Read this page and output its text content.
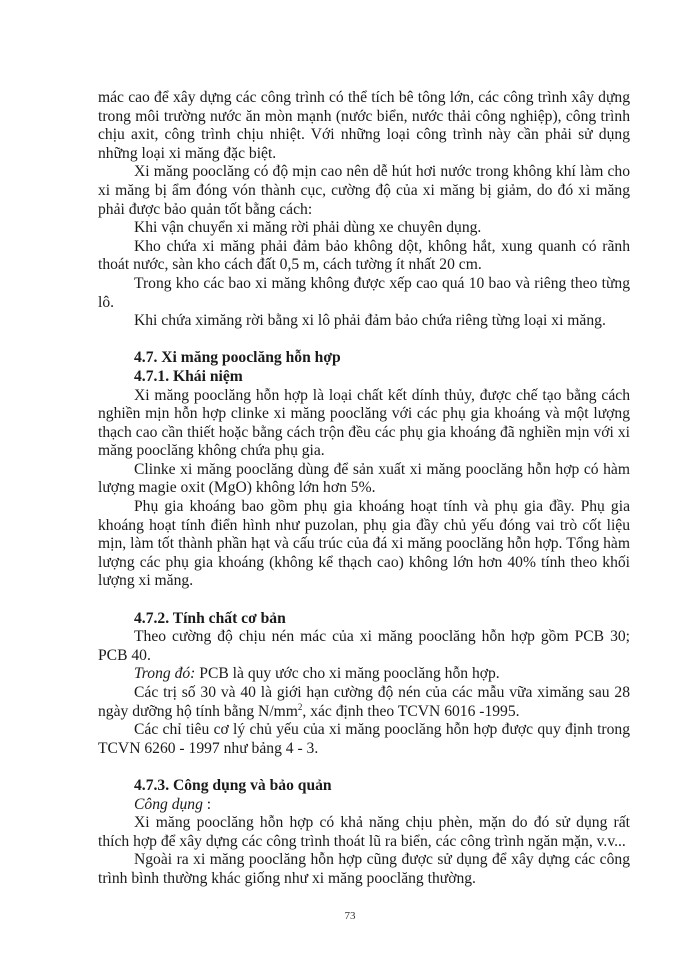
mác cao để xây dựng các công trình có thể tích bê tông lớn, các công trình xây dựng trong môi trường nước ăn mòn mạnh (nước biển, nước thải công nghiệp), công trình chịu axit, công trình chịu nhiệt. Với những loại công trình này cần phải sử dụng những loại xi măng đặc biệt.

Xi măng pooclăng có độ mịn cao nên dễ hút hơi nước trong không khí làm cho xi măng bị ẩm đóng vón thành cục, cường độ của xi măng bị giảm, do đó xi măng phải được bảo quản tốt bằng cách:

Khi vận chuyển xi măng rời phải dùng xe chuyên dụng.

Kho chứa xi măng phải đảm bảo không dột, không hắt, xung quanh có rãnh thoát nước, sàn kho cách đất 0,5 m, cách tường ít nhất 20 cm.

Trong kho các bao xi măng không được xếp cao quá 10 bao và riêng theo từng lô.

Khi chứa ximăng rời bằng xi lô phải đảm bảo chứa riêng từng loại xi măng.

4.7. Xi măng pooclăng hỗn hợp

4.7.1. Khái niệm

Xi măng pooclăng hỗn hợp là loại chất kết dính thủy, được chế tạo bằng cách nghiền mịn hỗn hợp clinke xi măng pooclăng với các phụ gia khoáng và một lượng thạch cao cần thiết hoặc bằng cách trộn đều các phụ gia khoáng đã nghiền mịn với xi măng pooclăng không chứa phụ gia.

Clinke xi măng pooclăng dùng để sản xuất xi măng pooclăng hỗn hợp có hàm lượng magie oxit (MgO) không lớn hơn 5%.

Phụ gia khoáng bao gồm phụ gia khoáng hoạt tính và phụ gia đầy. Phụ gia khoáng hoạt tính điển hình như puzolan, phụ gia đầy chủ yếu đóng vai trò cốt liệu mịn, làm tốt thành phần hạt và cấu trúc của đá xi măng pooclăng hỗn hợp. Tổng hàm lượng các phụ gia khoáng (không kể thạch cao) không lớn hơn 40% tính theo khối lượng xi măng.

4.7.2. Tính chất cơ bản

Theo cường độ chịu nén mác của xi măng pooclăng hỗn hợp gồm PCB 30; PCB 40.

Trong đó: PCB là quy ước cho xi măng pooclăng hỗn hợp.

Các trị số 30 và 40 là giới hạn cường độ nén của các mẫu vữa ximăng sau 28 ngày dưỡng hộ tính bằng $N/mm^2$, xác định theo TCVN 6016 -1995.

Các chỉ tiêu cơ lý chủ yếu của xi măng pooclăng hỗn hợp được quy định trong TCVN 6260 - 1997 như bảng 4 - 3.

4.7.3. Công dụng và bảo quản

Công dụng :

Xi măng pooclăng hỗn hợp có khả năng chịu phèn, mặn do đó sử dụng rất thích hợp để xây dựng các công trình thoát lũ ra biển, các công trình ngăn mặn, v.v...

Ngoài ra xi măng pooclăng hỗn hợp cũng được sử dụng để xây dựng các công trình bình thường khác giống như xi măng pooclăng thường.

73
